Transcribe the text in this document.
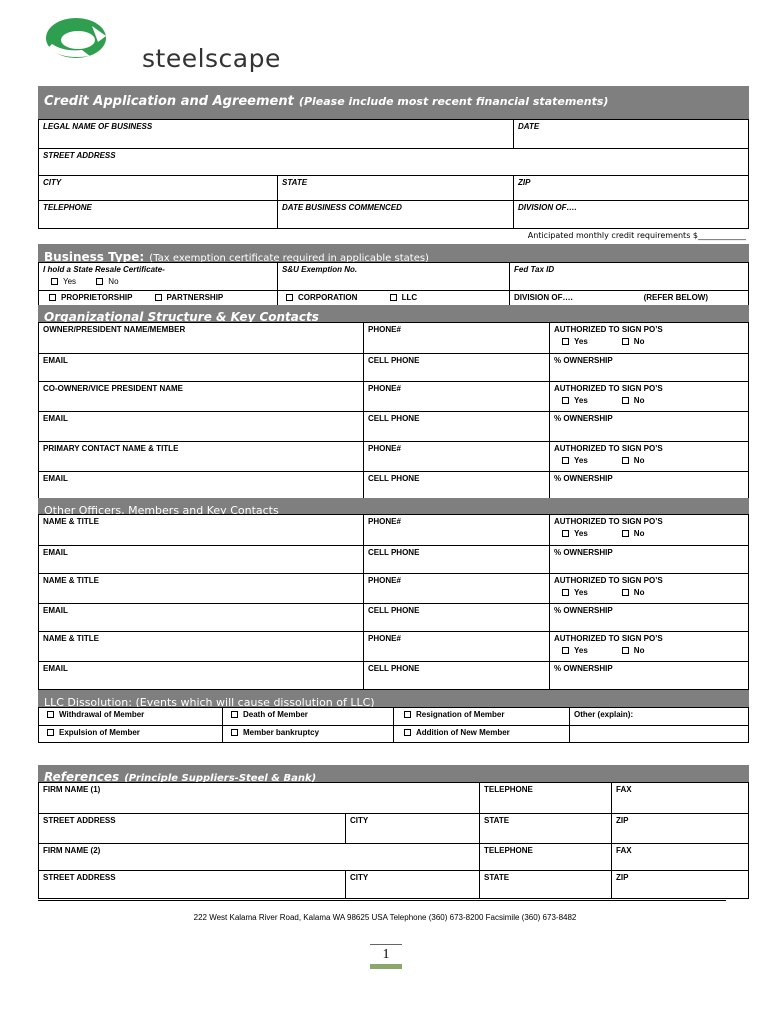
steelscape
Credit Application and Agreement (Please include most recent financial statements)
LEGAL NAME OF BUSINESS	DATE
STREET ADDRESS
CITY	STATE	ZIP
TELEPHONE	DATE BUSINESS COMMENCED	DIVISION OF….
Anticipated monthly credit requirements $____________
Business Type: (Tax exemption certificate required in applicable states)
I hold a State Resale Certificate-
Yes	No
S&U Exemption No.	Fed Tax ID
PROPRIETORSHIP	PARTNERSHIP	CORPORATION	LLC	DIVISION OF….	(REFER BELOW)
Organizational Structure & Key Contacts
OWNER/PRESIDENT NAME/MEMBER	PHONE#	AUTHORIZED TO SIGN PO’S
Yes	No
EMAIL	CELL PHONE	% OWNERSHIP
CO-OWNER/VICE PRESIDENT NAME	PHONE#	AUTHORIZED TO SIGN PO’S
Yes	No
EMAIL	CELL PHONE	% OWNERSHIP
PRIMARY CONTACT NAME & TITLE	PHONE#	AUTHORIZED TO SIGN PO’S
Yes	No
EMAIL	CELL PHONE	% OWNERSHIP
Other Officers, Members and Key Contacts
NAME & TITLE	PHONE#	AUTHORIZED TO SIGN PO’S
Yes	No
EMAIL	CELL PHONE	% OWNERSHIP
NAME & TITLE	PHONE#	AUTHORIZED TO SIGN PO’S
Yes	No
EMAIL	CELL PHONE	% OWNERSHIP
NAME & TITLE	PHONE#	AUTHORIZED TO SIGN PO’S
Yes	No
EMAIL	CELL PHONE	% OWNERSHIP
LLC Dissolution: (Events which will cause dissolution of LLC)
Withdrawal of Member	Death of Member	Resignation of Member	Other (explain):
Expulsion of Member	Member bankruptcy	Addition of New Member
References (Principle Suppliers-Steel & Bank)
FIRM NAME (1)	TELEPHONE	FAX
STREET ADDRESS	CITY	STATE	ZIP
FIRM NAME (2)	TELEPHONE	FAX
STREET ADDRESS	CITY	STATE	ZIP
222 West Kalama River Road, Kalama WA 98625 USA Telephone (360) 673-8200 Facsimile (360) 673-8482
1
